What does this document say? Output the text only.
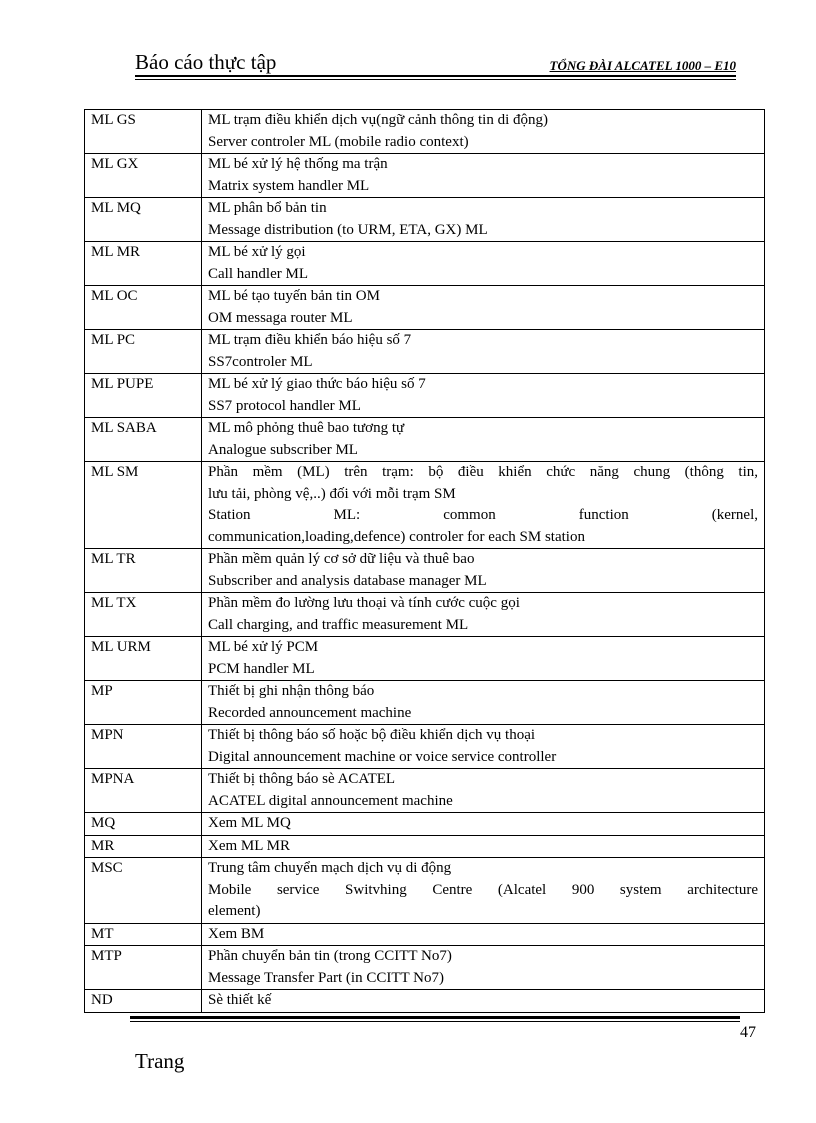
Báo cáo thực tập	TỔNG ĐÀI ALCATEL 1000 – E10
ML GS	ML trạm điều khiển dịch vụ(ngữ cảnh thông tin di động)
Server controler ML (mobile radio context)

ML GX	ML bé xử lý hệ thống ma trận
Matrix system handler ML

ML MQ	ML phân bổ bản tin
Message distribution (to URM, ETA, GX) ML

ML MR	ML bé xử lý gọi
Call handler ML

ML OC	ML bé tạo tuyến bản tin OM
OM messaga router ML

ML PC	ML trạm điều khiển báo hiệu số 7
SS7controler ML

ML PUPE	ML bé xử lý giao thức báo hiệu số 7
SS7 protocol handler ML

ML SABA	ML mô phỏng thuê bao tương tự
Analogue subscriber ML

ML SM	Phần mềm (ML) trên trạm: bộ điều khiển chức năng chung (thông tin,
lưu tải, phòng vệ,..) đối với mỗi trạm SM
Station ML: common function (kernel,
communication,loading,defence) controler for each SM station

ML TR	Phần mềm quản lý cơ sở dữ liệu và thuê bao
Subscriber and analysis database manager ML

ML TX	Phần mềm đo lường lưu thoại và tính cước cuộc gọi
Call charging, and traffic measurement ML

ML URM	ML bé xử lý PCM
PCM handler ML

MP	Thiết bị ghi nhận thông báo
Recorded announcement machine

MPN	Thiết bị thông báo số hoặc bộ điều khiển dịch vụ thoại
Digital announcement machine or voice service controller

MPNA	Thiết bị thông báo sè ACATEL
ACATEL digital announcement machine

MQ	Xem ML MQ

MR	Xem ML MR

MSC	Trung tâm chuyển mạch dịch vụ di động
Mobile service Switvhing Centre (Alcatel 900 system architecture
element)

MT	Xem BM

MTP	Phần chuyển bản tin (trong CCITT No7)
Message Transfer Part (in CCITT No7)

ND	Sè thiết kế
47
Trang
